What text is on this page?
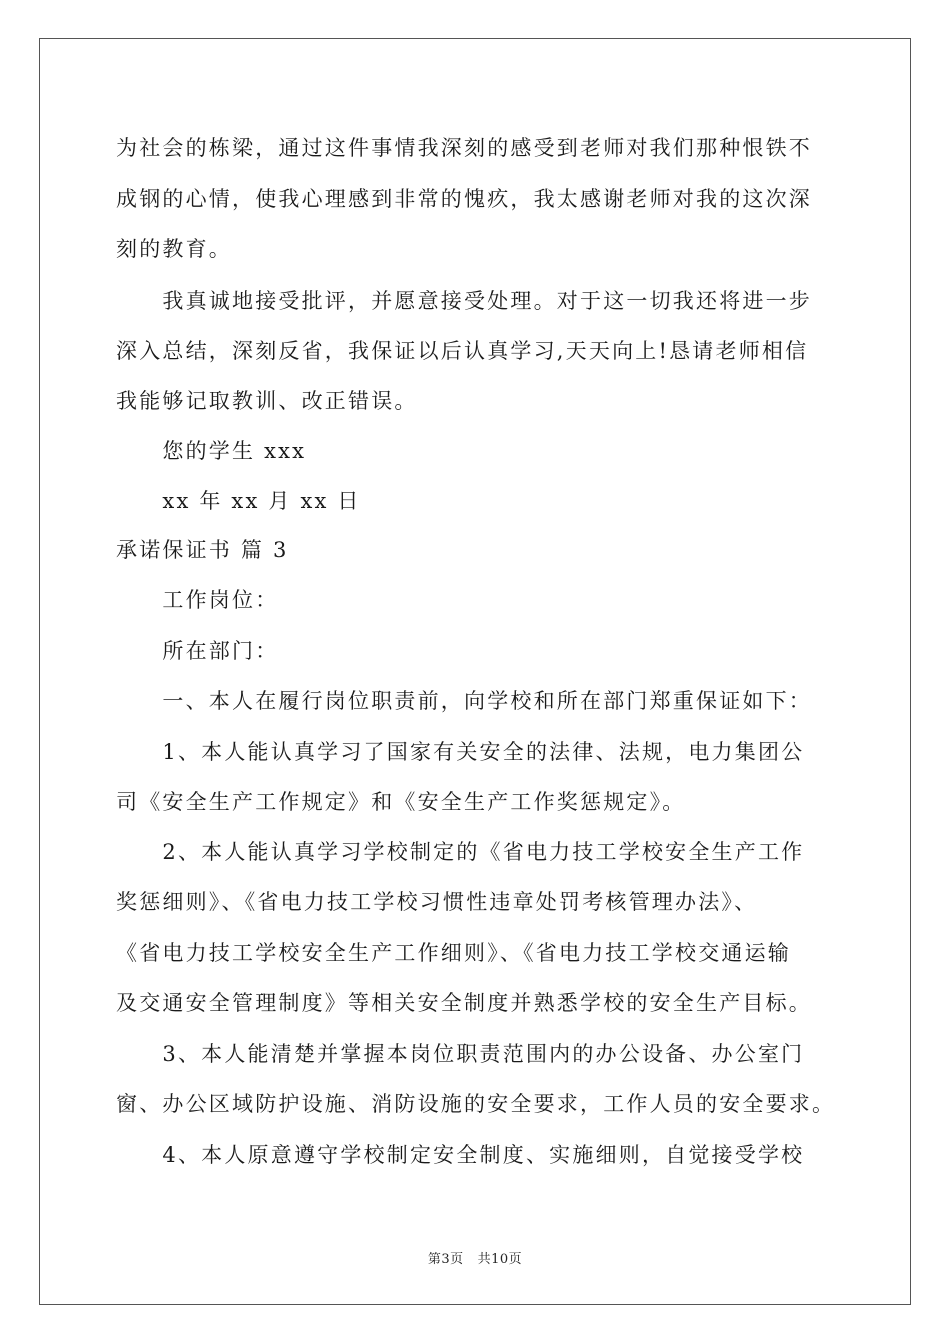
为社会的栋梁，通过这件事情我深刻的感受到老师对我们那种恨铁不
成钢的心情，使我心理感到非常的愧疚，我太感谢老师对我的这次深
刻的教育。
　　我真诚地接受批评，并愿意接受处理。对于这一切我还将进一步
深入总结，深刻反省，我保证以后认真学习,天天向上!恳请老师相信
我能够记取教训、改正错误。
　　您的学生 xxx
　　xx 年 xx 月 xx 日
承诺保证书 篇 3
　　工作岗位：
　　所在部门：
　　一、本人在履行岗位职责前，向学校和所在部门郑重保证如下：
　　1、本人能认真学习了国家有关安全的法律、法规，电力集团公
司《安全生产工作规定》和《安全生产工作奖惩规定》。
　　2、本人能认真学习学校制定的《省电力技工学校安全生产工作
奖惩细则》、《省电力技工学校习惯性违章处罚考核管理办法》、
《省电力技工学校安全生产工作细则》、《省电力技工学校交通运输
及交通安全管理制度》等相关安全制度并熟悉学校的安全生产目标。
　　3、本人能清楚并掌握本岗位职责范围内的办公设备、办公室门
窗、办公区域防护设施、消防设施的安全要求，工作人员的安全要求。
　　4、本人原意遵守学校制定安全制度、实施细则，自觉接受学校
第3页 共10页
